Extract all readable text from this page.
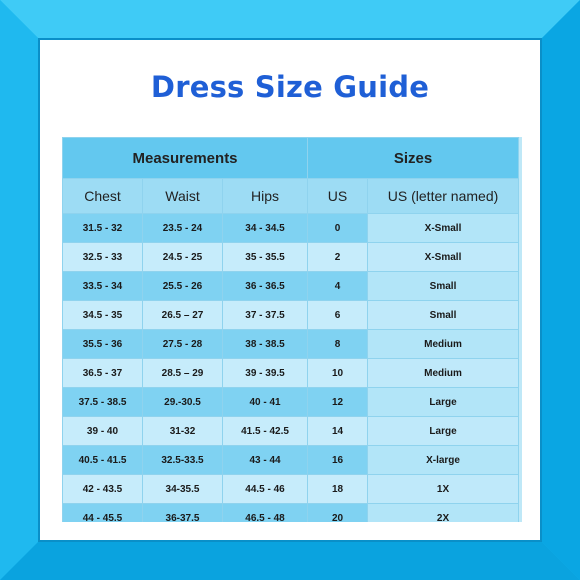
Dress Size Guide
Measurements			Sizes	
Chest	Waist	Hips	US	US (letter named)
31.5 - 32	23.5 - 24	34 - 34.5	0	X-Small
32.5 - 33	24.5 - 25	35 - 35.5	2	X-Small
33.5 - 34	25.5 - 26	36 - 36.5	4	Small
34.5 - 35	26.5 – 27	37 - 37.5	6	Small
35.5 - 36	27.5 - 28	38 - 38.5	8	Medium
36.5 - 37	28.5 – 29	39 - 39.5	10	Medium
37.5 - 38.5	29.-30.5	40 - 41	12	Large
39 - 40	31-32	41.5 - 42.5	14	Large
40.5 - 41.5	32.5-33.5	43 - 44	16	X-large
42 - 43.5	34-35.5	44.5 - 46	18	1X
44 - 45.5	36-37.5	46.5 - 48	20	2X
